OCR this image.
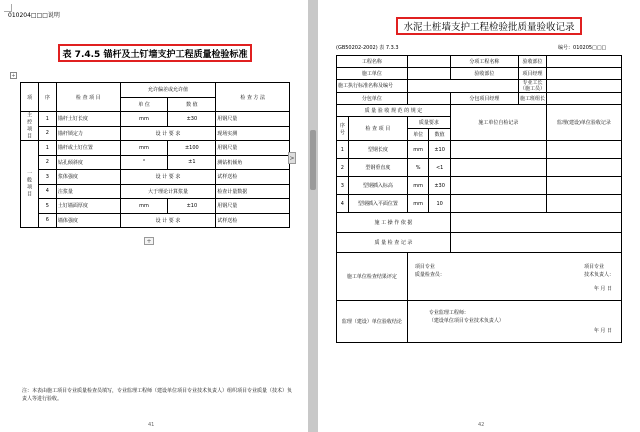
010204□□□说明
表 7.4.5 锚杆及土钉墙支护工程质量检验标准
+
项	序	检 查 项 目	允许偏差或允许值		检 查 方 法
			单 位	数 值	
主控项目	1	锚杆土钉长度	mm	±30	用钢尺量
	2	锚杆锁定力	设 计 要 求		现场实测
一般项目	1	锚杆或土钉位置	mm	±100	用钢尺量
	2	钻孔倾斜度	°	±1	测钻机倾角
	3	浆体强度	设 计 要 求		试样送检
	4	注浆量	大于理论计算浆量		检查计量数据
	5	土钉墙面厚度	mm	±10	用钢尺量
	6	墙体强度	设 计 要 求		试样送检
+
>
注：本表由施工项目专业质量检查员填写，专业监理工程师（建设单位项目专业技术负责人）组织项目专业质量（技术）负责人等进行验收。
41
水泥土桩墙支护工程检验批质量验收记录
(GB50202-2002) 表 7.3.3	编号：010205□□□
工程名称				分项工程名称	验收部位	
施工单位				验收部位	项目经理	
施工执行标准名称及编号					专业工长（施工员）	
分包单位				分包项目经理	施工班组长	
质 量 验 收 规 范 的 规 定				施工单位自检记录		监理(建设)单位验收记录
序号	检 查 项 目	质量要求				
		单位	数值			
1	型钢长度	mm	±10			
2	型钢垂直度	%	<1			
3	型钢插入标高	mm	±30			
4	型钢插入平面位置	mm	10			
施 工 操 作 依 据						
质 量 检 查 记 录						
施工单位检查结果评定		项目专业
质量检查员：
项目专业
技术负责人：
年 月 日				

监理（建设）单位验收结论		专业监理工程师：
（建设单位项目专业技术负责人）
年 月 日				
42
